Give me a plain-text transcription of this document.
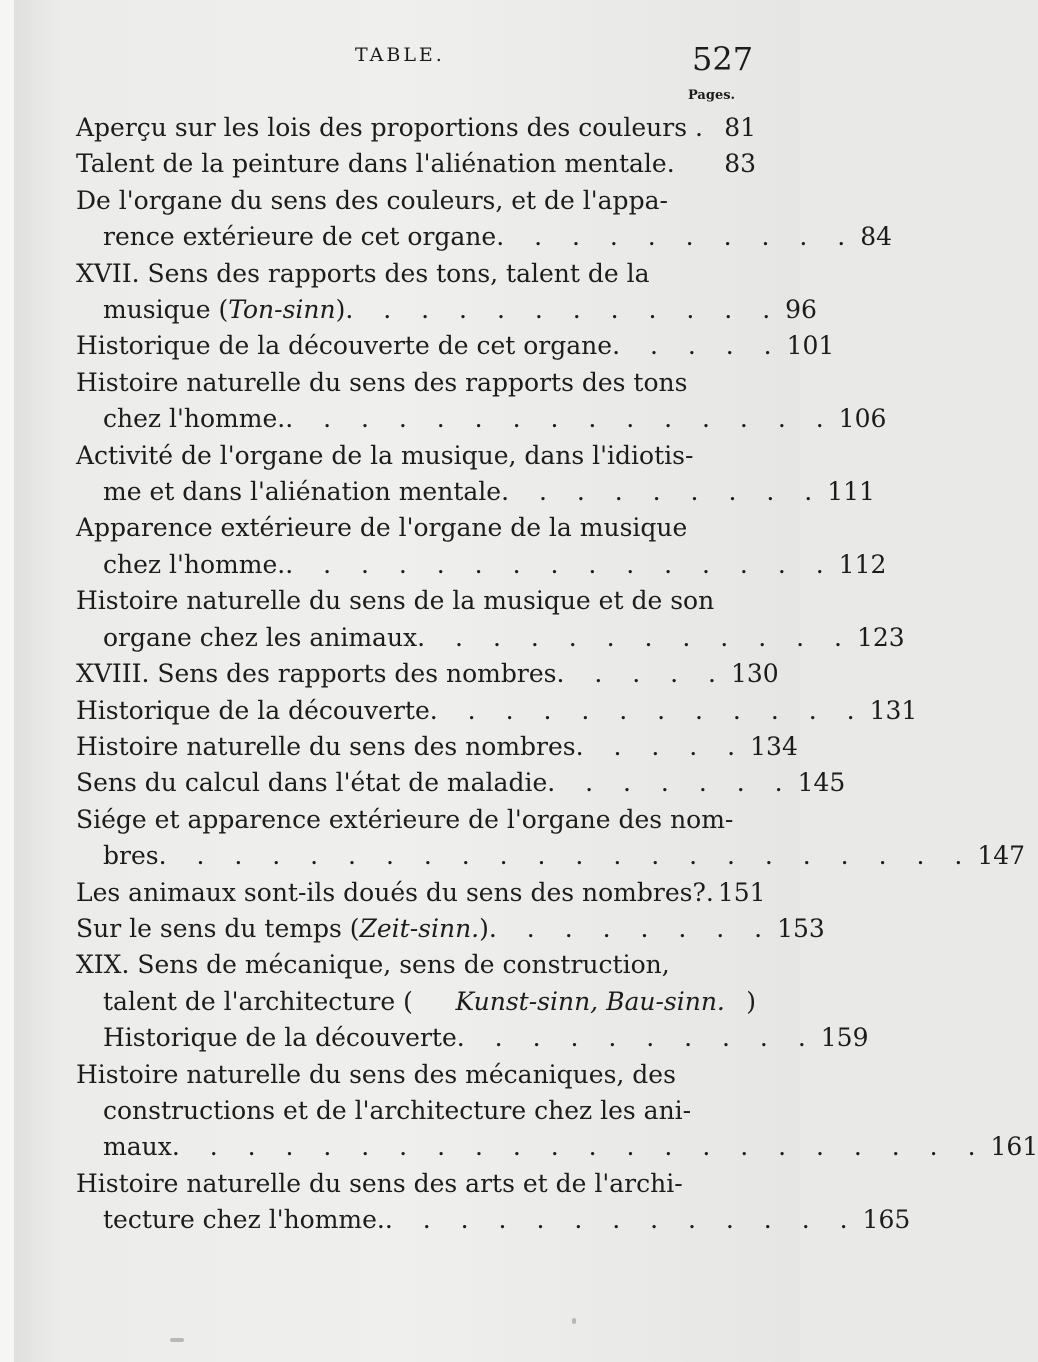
TABLE.	527
Pages.
Aperçu sur les lois des proportions des couleurs . 81
Talent de la peinture dans l'aliénation mentale .	83
De l'organe du sens des couleurs, et de l'appa-
rence extérieure de cet organe . . . . . . . . . . 84
XVII. Sens des rapports des tons, talent de la
musique ( Ton-sinn ) . . . . . . . . . . . . 96
Historique de la découverte de cet organe . . . . . 101
Histoire naturelle du sens des rapports des tons
chez l'homme. . . . . . . . . . . . . . . . 106
Activité de l'organe de la musique, dans l'idiotis-
me et dans l'aliénation mentale . . . . . . . . . 111
Apparence extérieure de l'organe de la musique
chez l'homme. . . . . . . . . . . . . . . . 112
Histoire naturelle du sens de la musique et de son
organe chez les animaux . . . . . . . . . . . . 123
XVIII. Sens des rapports des nombres . . . . . 130
Historique de la découverte . . . . . . . . . . . . 131
Histoire naturelle du sens des nombres . . . . . 134
Sens du calcul dans l'état de maladie . . . . . . . 145
Siége et apparence extérieure de l'organe des nom-
bres . . . . . . . . . . . . . . . . . . . . . . 147
Les animaux sont-ils doués du sens des nombres?. 151
Sur le sens du temps ( Zeit-sinn. ) . . . . . . . . 153
XIX. Sens de mécanique, sens de construction,
talent de l'architecture ( Kunst-sinn, Bau-sinn. )
Historique de la découverte . . . . . . . . . . 159
Histoire naturelle du sens des mécaniques, des
constructions et de l'architecture chez les ani-
maux . . . . . . . . . . . . . . . . . . . . . . 161
Histoire naturelle du sens des arts et de l'archi-
tecture chez l'homme. . . . . . . . . . . . . . 165
